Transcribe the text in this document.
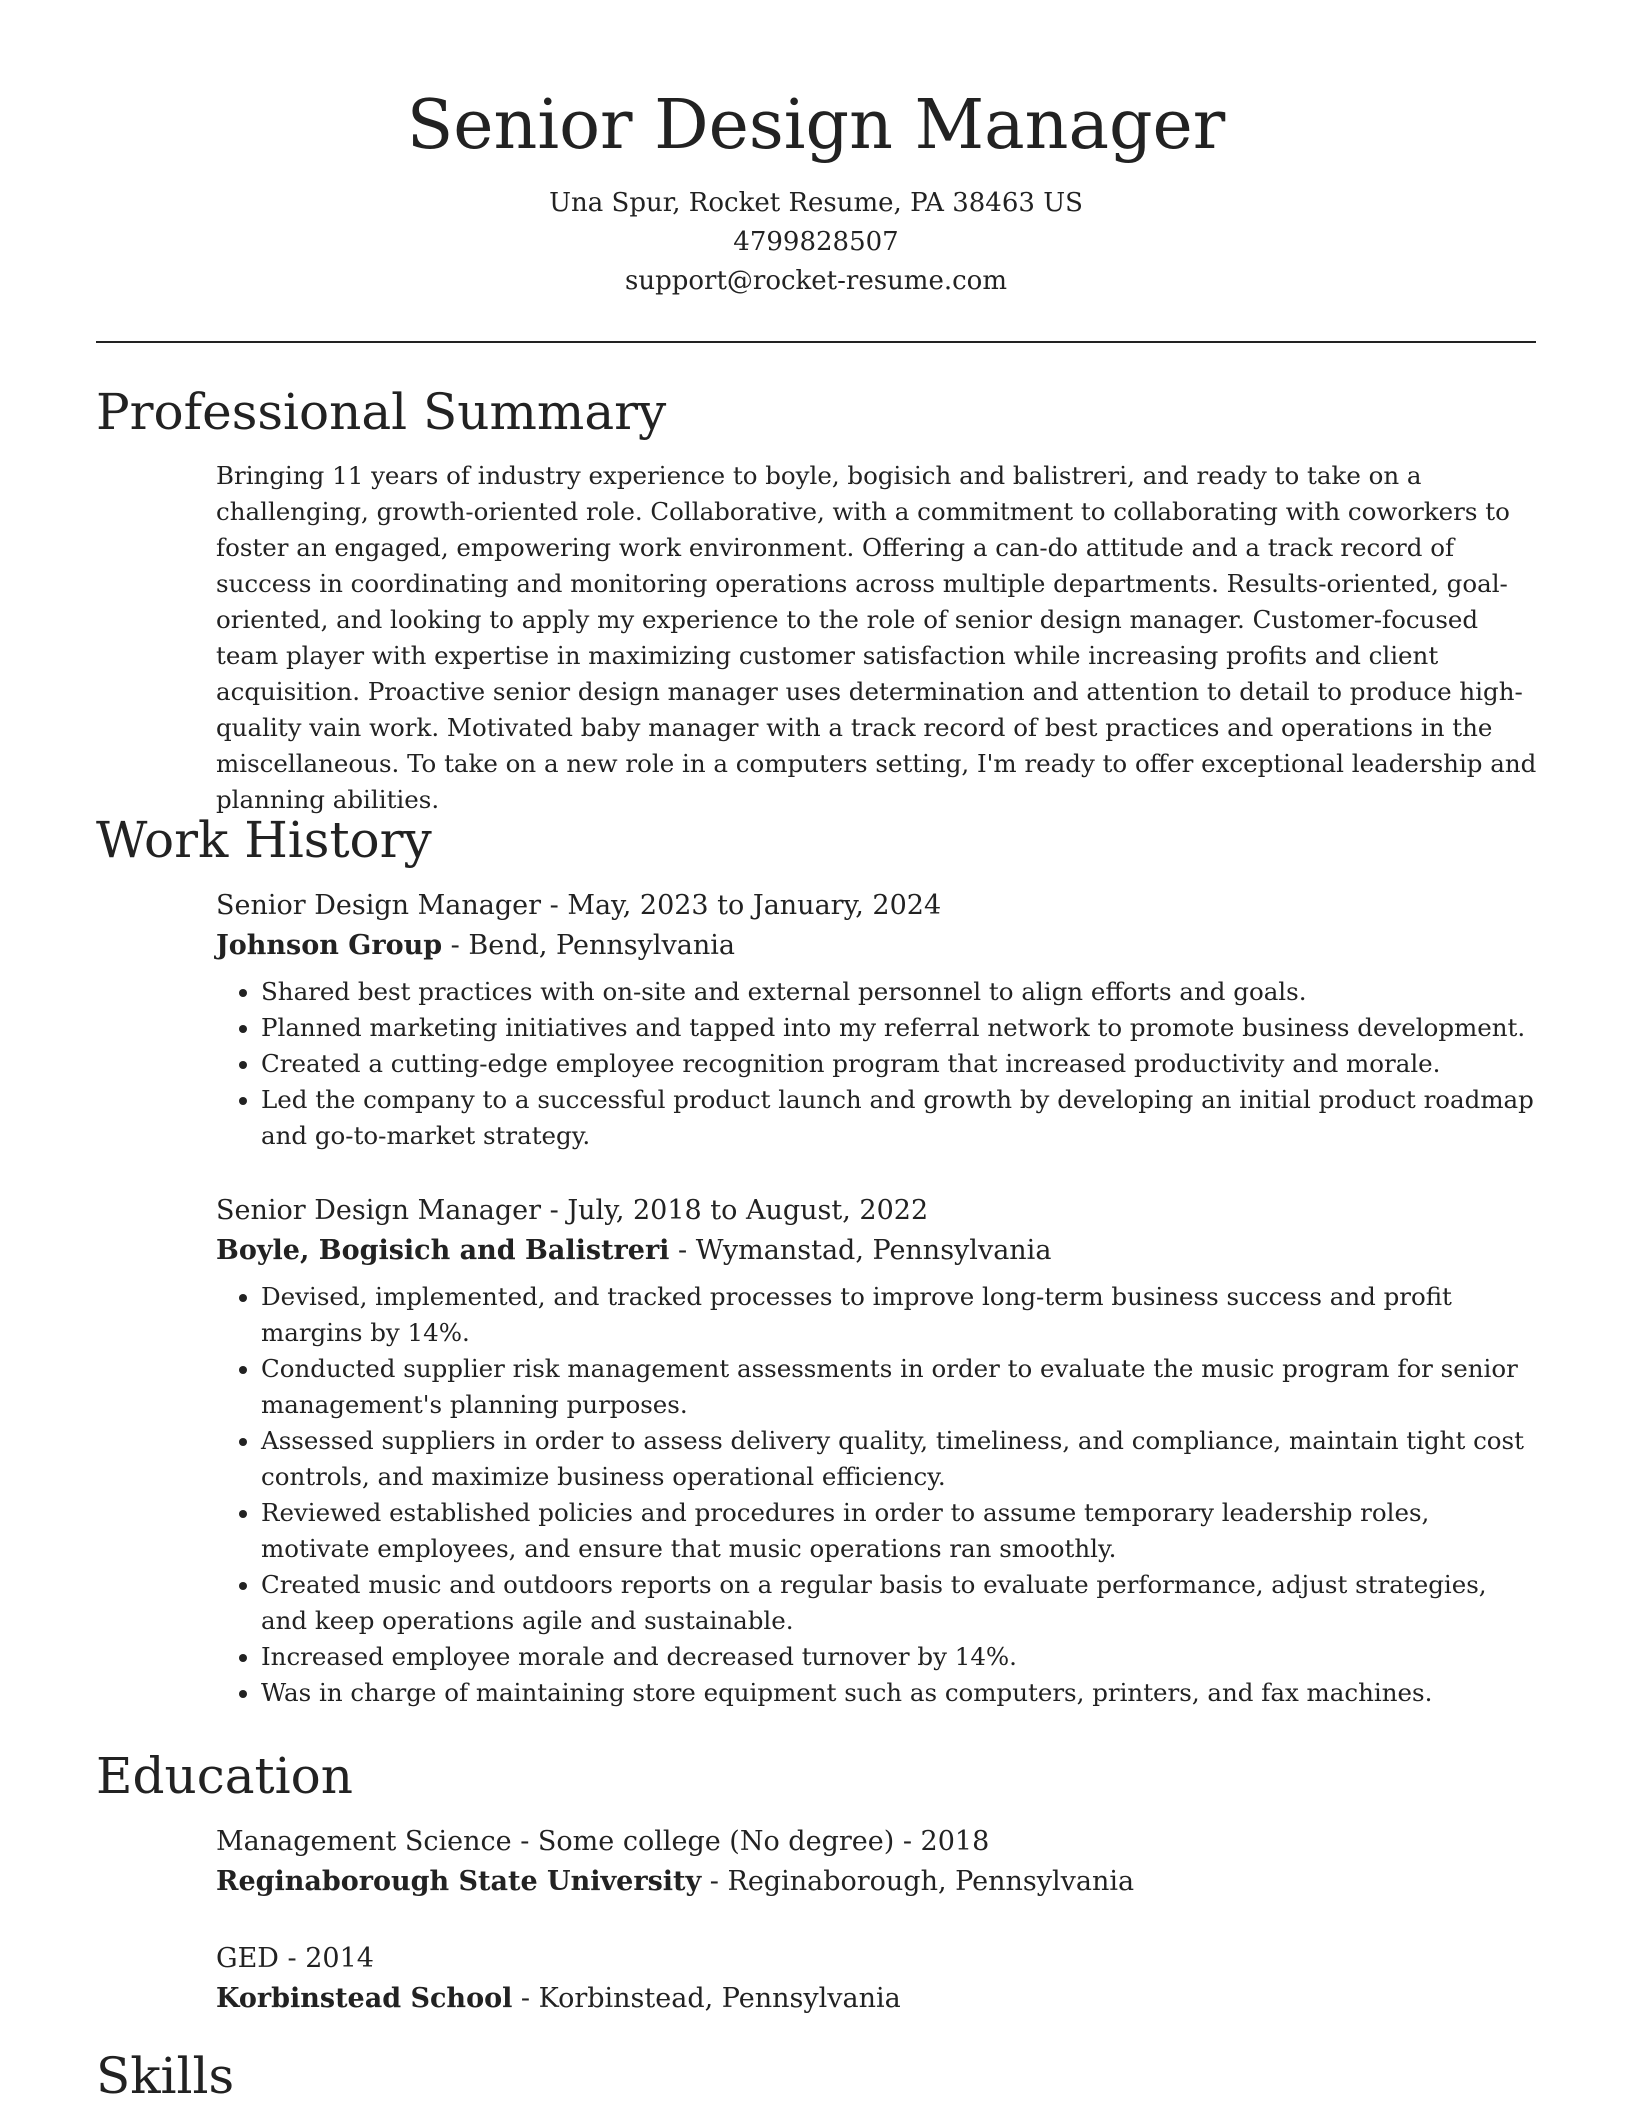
Senior Design Manager
Una Spur, Rocket Resume, PA 38463 US
4799828507
support@rocket-resume.com
Professional Summary

Bringing 11 years of industry experience to boyle, bogisich and balistreri, and ready to take on a challenging, growth-oriented role. Collaborative, with a commitment to collaborating with coworkers to foster an engaged, empowering work environment. Offering a can-do attitude and a track record of success in coordinating and monitoring operations across multiple departments. Results-oriented, goal-oriented, and looking to apply my experience to the role of senior design manager. Customer-focused team player with expertise in maximizing customer satisfaction while increasing profits and client acquisition. Proactive senior design manager uses determination and attention to detail to produce high-quality vain work. Motivated baby manager with a track record of best practices and operations in the miscellaneous. To take on a new role in a computers setting, I'm ready to offer exceptional leadership and planning abilities.

Work History
Senior Design Manager - May, 2023 to January, 2024
Johnson Group - Bend, Pennsylvania
• Shared best practices with on-site and external personnel to align efforts and goals.
• Planned marketing initiatives and tapped into my referral network to promote business development.
• Created a cutting-edge employee recognition program that increased productivity and morale.
• Led the company to a successful product launch and growth by developing an initial product roadmap and go-to-market strategy.
Senior Design Manager - July, 2018 to August, 2022
Boyle, Bogisich and Balistreri - Wymanstad, Pennsylvania
• Devised, implemented, and tracked processes to improve long-term business success and profit margins by 14%.
• Conducted supplier risk management assessments in order to evaluate the music program for senior management's planning purposes.
• Assessed suppliers in order to assess delivery quality, timeliness, and compliance, maintain tight cost controls, and maximize business operational efficiency.
• Reviewed established policies and procedures in order to assume temporary leadership roles, motivate employees, and ensure that music operations ran smoothly.
• Created music and outdoors reports on a regular basis to evaluate performance, adjust strategies, and keep operations agile and sustainable.
• Increased employee morale and decreased turnover by 14%.
• Was in charge of maintaining store equipment such as computers, printers, and fax machines.
Education
Management Science - Some college (No degree) - 2018
Reginaborough State University - Reginaborough, Pennsylvania
GED - 2014
Korbinstead School - Korbinstead, Pennsylvania
Skills
